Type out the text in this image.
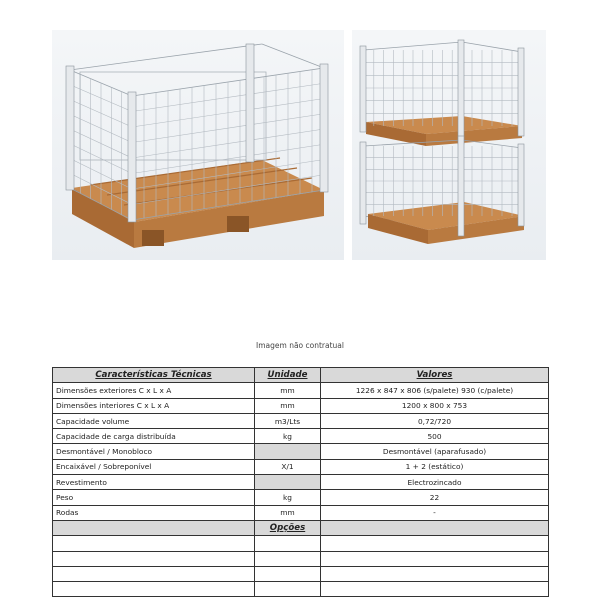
Imagem não contratual
Características Técnicas	Unidade	Valores
Dimensões exteriores C x L x A	mm	1226 x 847 x 806 (s/palete) 930 (c/palete)
Dimensões interiores C x L x A	mm	1200 x 800 x 753
Capacidade volume	m3/Lts	0,72/720
Capacidade de carga distribuída	kg	500
Desmontável / Monobloco		Desmontável (aparafusado)
Encaixável / Sobreponível	X/1	1 + 2 (estático)
Revestimento		Electrozincado
Peso	kg	22
Rodas	mm	-
	Opções	
